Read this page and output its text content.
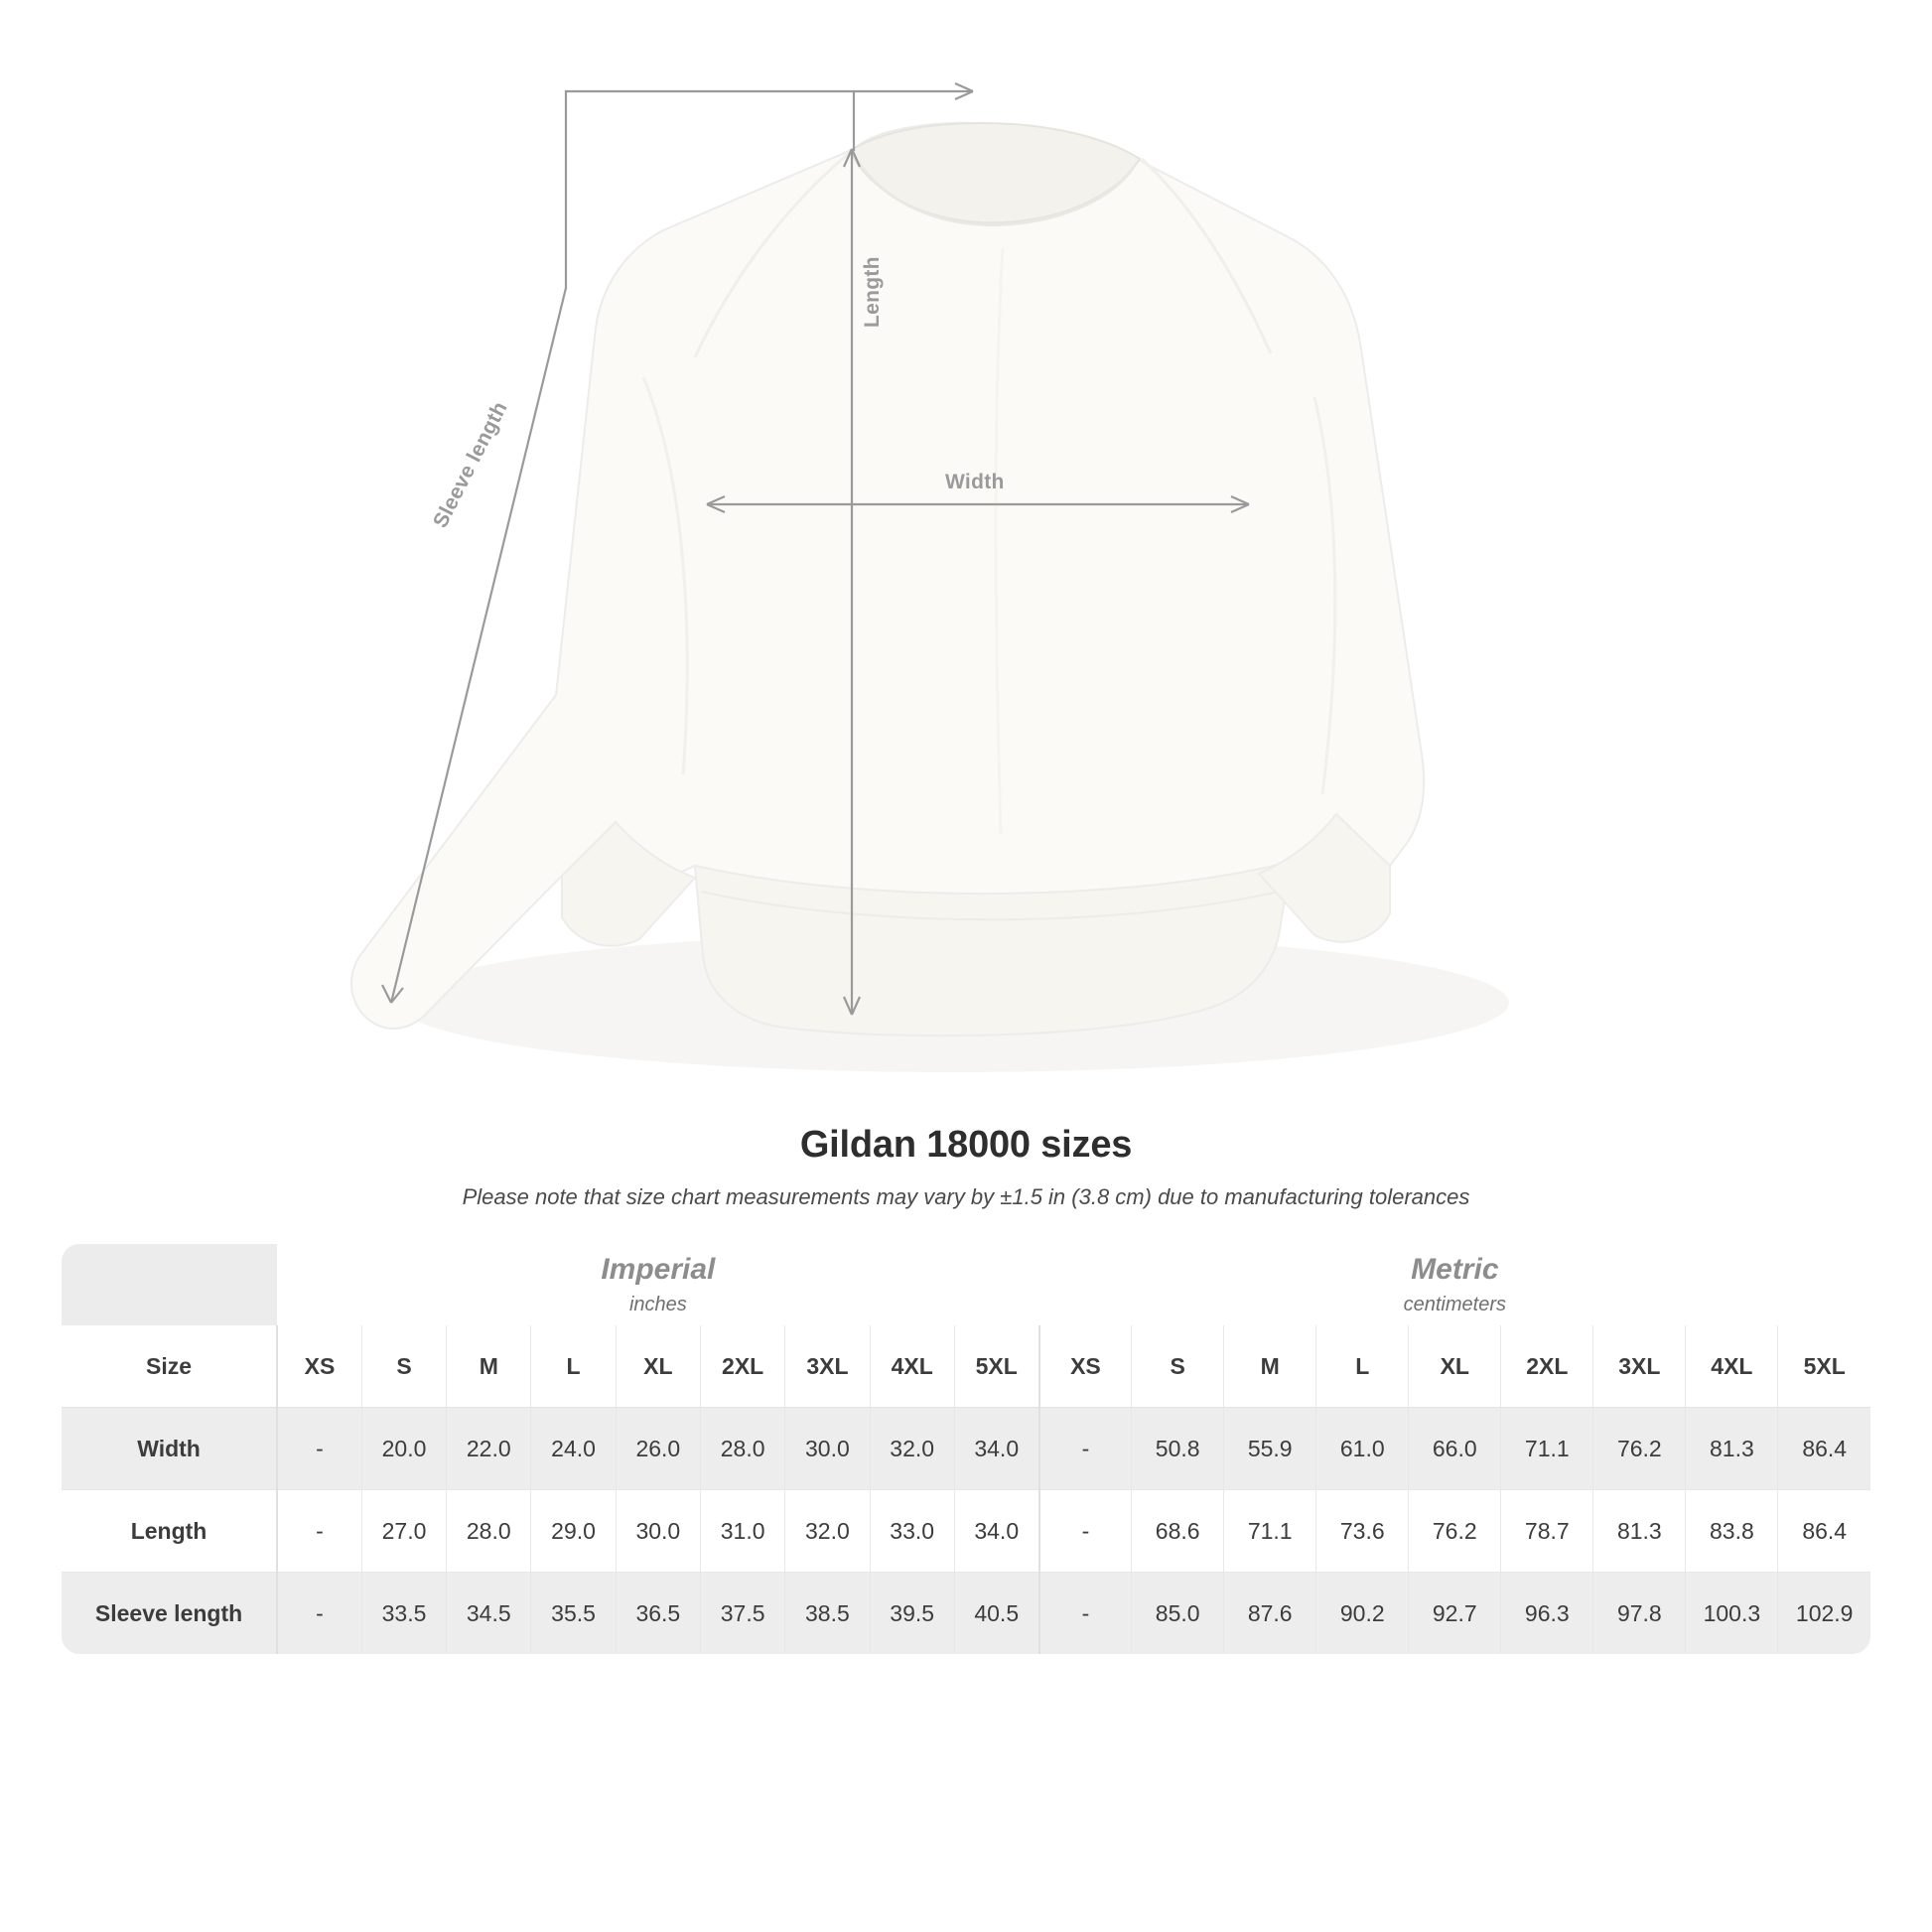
Width
Length
Sleeve length
Gildan 18000 sizes
Please note that size chart measurements may vary by ±1.5 in (3.8 cm) due to manufacturing tolerances

	Imperial
inches									Metric
centimeters								

Size	XS	S	M	L	XL	2XL	3XL	4XL	5XL	XS	S	M	L	XL	2XL	3XL	4XL	5XL
Width	-	20.0	22.0	24.0	26.0	28.0	30.0	32.0	34.0	-	50.8	55.9	61.0	66.0	71.1	76.2	81.3	86.4
Length	-	27.0	28.0	29.0	30.0	31.0	32.0	33.0	34.0	-	68.6	71.1	73.6	76.2	78.7	81.3	83.8	86.4
Sleeve length	-	33.5	34.5	35.5	36.5	37.5	38.5	39.5	40.5	-	85.0	87.6	90.2	92.7	96.3	97.8	100.3	102.9
